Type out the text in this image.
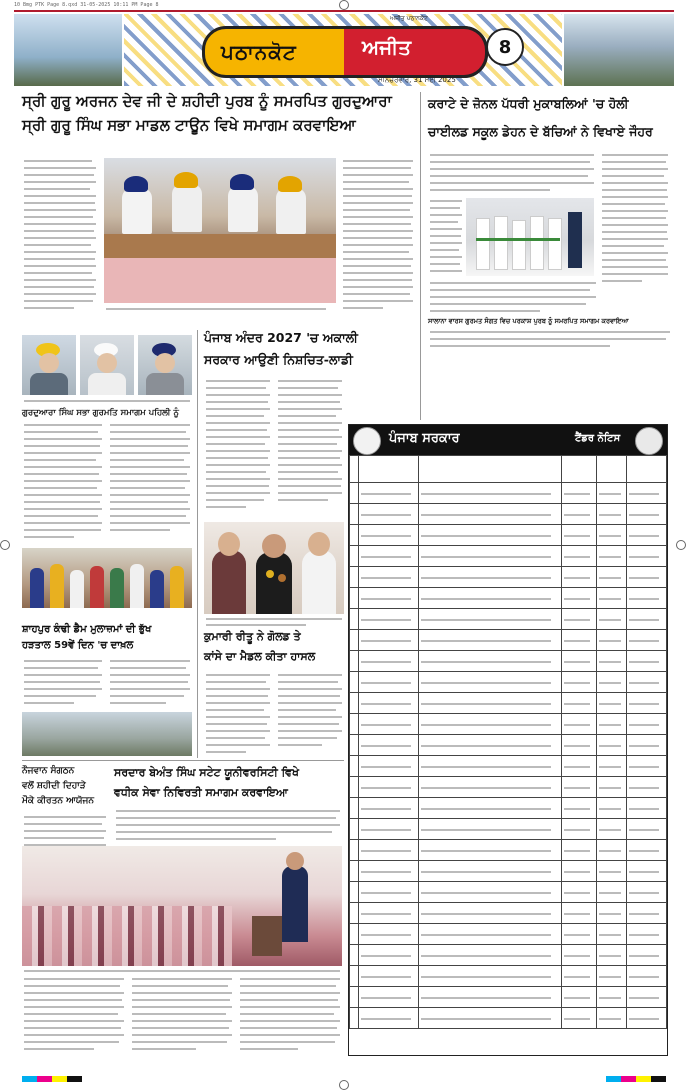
10 Bmg PTK Page 8.qxd 31-05-2025 10:11 PM Page 8
ਪਠਾਨਕੋਟ	ਅਜੀਤ
ਅਜੀਤ ਪਠਾਨਕੋਟ
ਸਨਿੱਚਰਵਾਰ, 31 ਮਈ 2025
8
ਸ੍ਰੀ ਗੁਰੂ ਅਰਜਨ ਦੇਵ ਜੀ ਦੇ ਸ਼ਹੀਦੀ ਪੁਰਬ ਨੂੰ ਸਮਰਪਿਤ ਗੁਰਦੁਆਰਾ
ਸ੍ਰੀ ਗੁਰੂ ਸਿੰਘ ਸਭਾ ਮਾਡਲ ਟਾਊਨ ਵਿਖੇ ਸਮਾਗਮ ਕਰਵਾਇਆ
ਕਰਾਟੇ ਦੇ ਜ਼ੋਨਲ ਪੱਧਰੀ ਮੁਕਾਬਲਿਆਂ 'ਚ ਹੋਲੀ
ਚਾਈਲਡ ਸਕੂਲ ਡੇਹਨ ਦੇ ਬੱਚਿਆਂ ਨੇ ਵਿਖਾਏ ਜੌਹਰ
ਸਾਲਾਨਾ ਵਾਰਸ ਗੁਰਮਤ ਸੰਗਤ ਵਿਚ ਪਰਕਾਸ਼ ਪੁਰਬ ਨੂੰ ਸਮਰਪਿਤ ਸਮਾਗਮ ਕਰਵਾਇਆ
ਗੁਰਦੁਆਰਾ ਸਿੰਘ ਸਭਾ ਗੁਰਮਤਿ ਸਮਾਗਮ ਪਹਿਲੀ ਨੂੰ
ਸ਼ਾਹਪੁਰ ਕੰਢੀ ਡੈਮ ਮੁਲਾਜ਼ਮਾਂ ਦੀ ਭੁੱਖ
ਹੜਤਾਲ 59ਵੇਂ ਦਿਨ 'ਚ ਦਾਖ਼ਲ
ਪੰਜਾਬ ਅੰਦਰ 2027 'ਚ ਅਕਾਲੀ
ਸਰਕਾਰ ਆਉਣੀ ਨਿਸ਼ਚਿਤ-ਲਾਡੀ
ਕੁਮਾਰੀ ਰੀਤੂ ਨੇ ਗੋਲਡ ਤੇ
ਕਾਂਸੇ ਦਾ ਮੈਡਲ ਕੀਤਾ ਹਾਸਲ
ਨੌਜਵਾਨ ਸੰਗਠਨ
ਵਲੋਂ ਸ਼ਹੀਦੀ ਦਿਹਾੜੇ
ਮੌਕੇ ਕੀਰਤਨ ਆਯੋਜਨ
ਸਰਦਾਰ ਬੇਅੰਤ ਸਿੰਘ ਸਟੇਟ ਯੂਨੀਵਰਸਿਟੀ ਵਿਖੇ
ਵਧੀਕ ਸੇਵਾ ਨਿਵਿਰਤੀ ਸਮਾਗਮ ਕਰਵਾਇਆ
ਪੰਜਾਬ ਸਰਕਾਰ	ਟੈਂਡਰ ਨੋਟਿਸ
